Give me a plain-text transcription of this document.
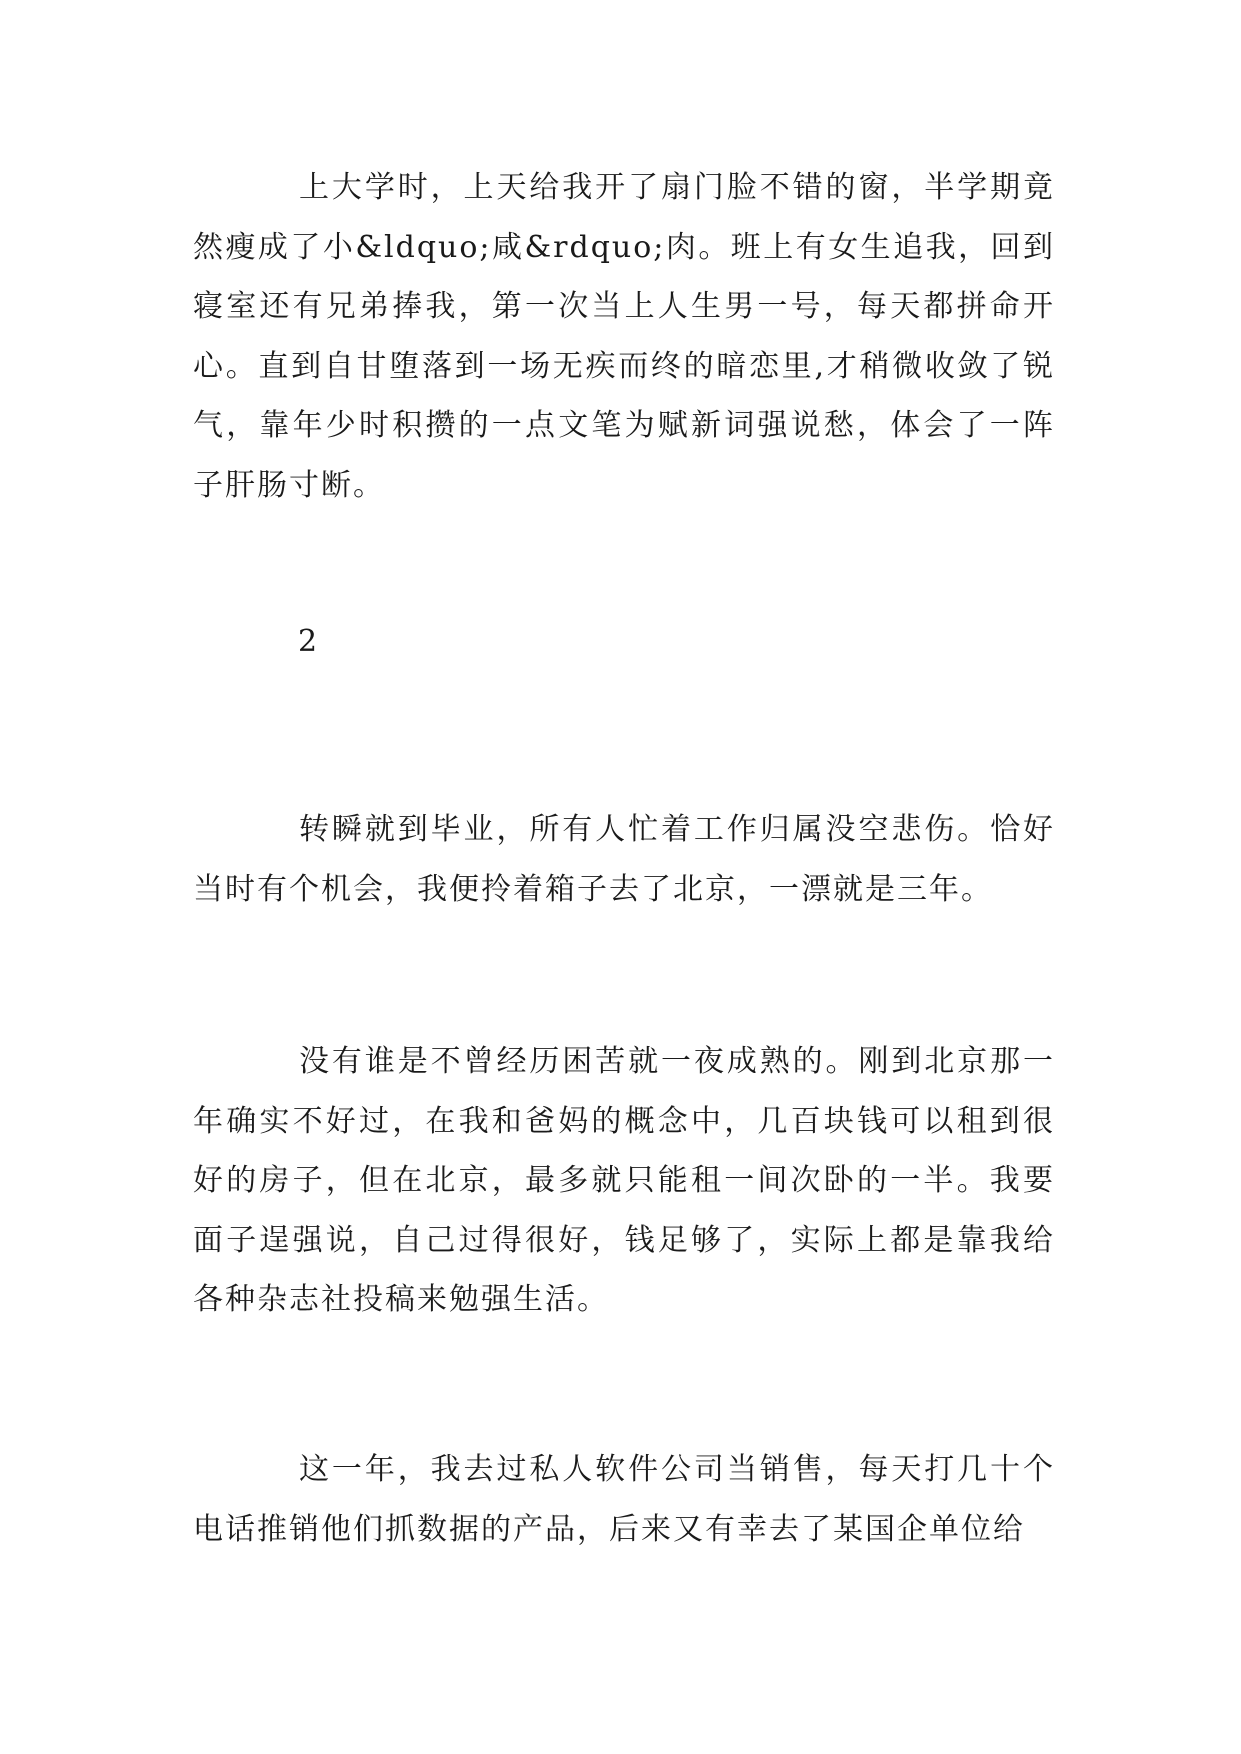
上大学时，上天给我开了扇门脸不错的窗，半学期竟然瘦成了小&ldquo;咸&rdquo;肉。班上有女生追我，回到寝室还有兄弟捧我，第一次当上人生男一号，每天都拼命开心。直到自甘堕落到一场无疾而终的暗恋里,才稍微收敛了锐气，靠年少时积攒的一点文笔为赋新词强说愁，体会了一阵子肝肠寸断。

2

转瞬就到毕业，所有人忙着工作归属没空悲伤。恰好当时有个机会，我便拎着箱子去了北京，一漂就是三年。

没有谁是不曾经历困苦就一夜成熟的。刚到北京那一年确实不好过，在我和爸妈的概念中，几百块钱可以租到很好的房子，但在北京，最多就只能租一间次卧的一半。我要面子逞强说，自己过得很好，钱足够了，实际上都是靠我给各种杂志社投稿来勉强生活。

这一年，我去过私人软件公司当销售，每天打几十个电话推销他们抓数据的产品，后来又有幸去了某国企单位给
